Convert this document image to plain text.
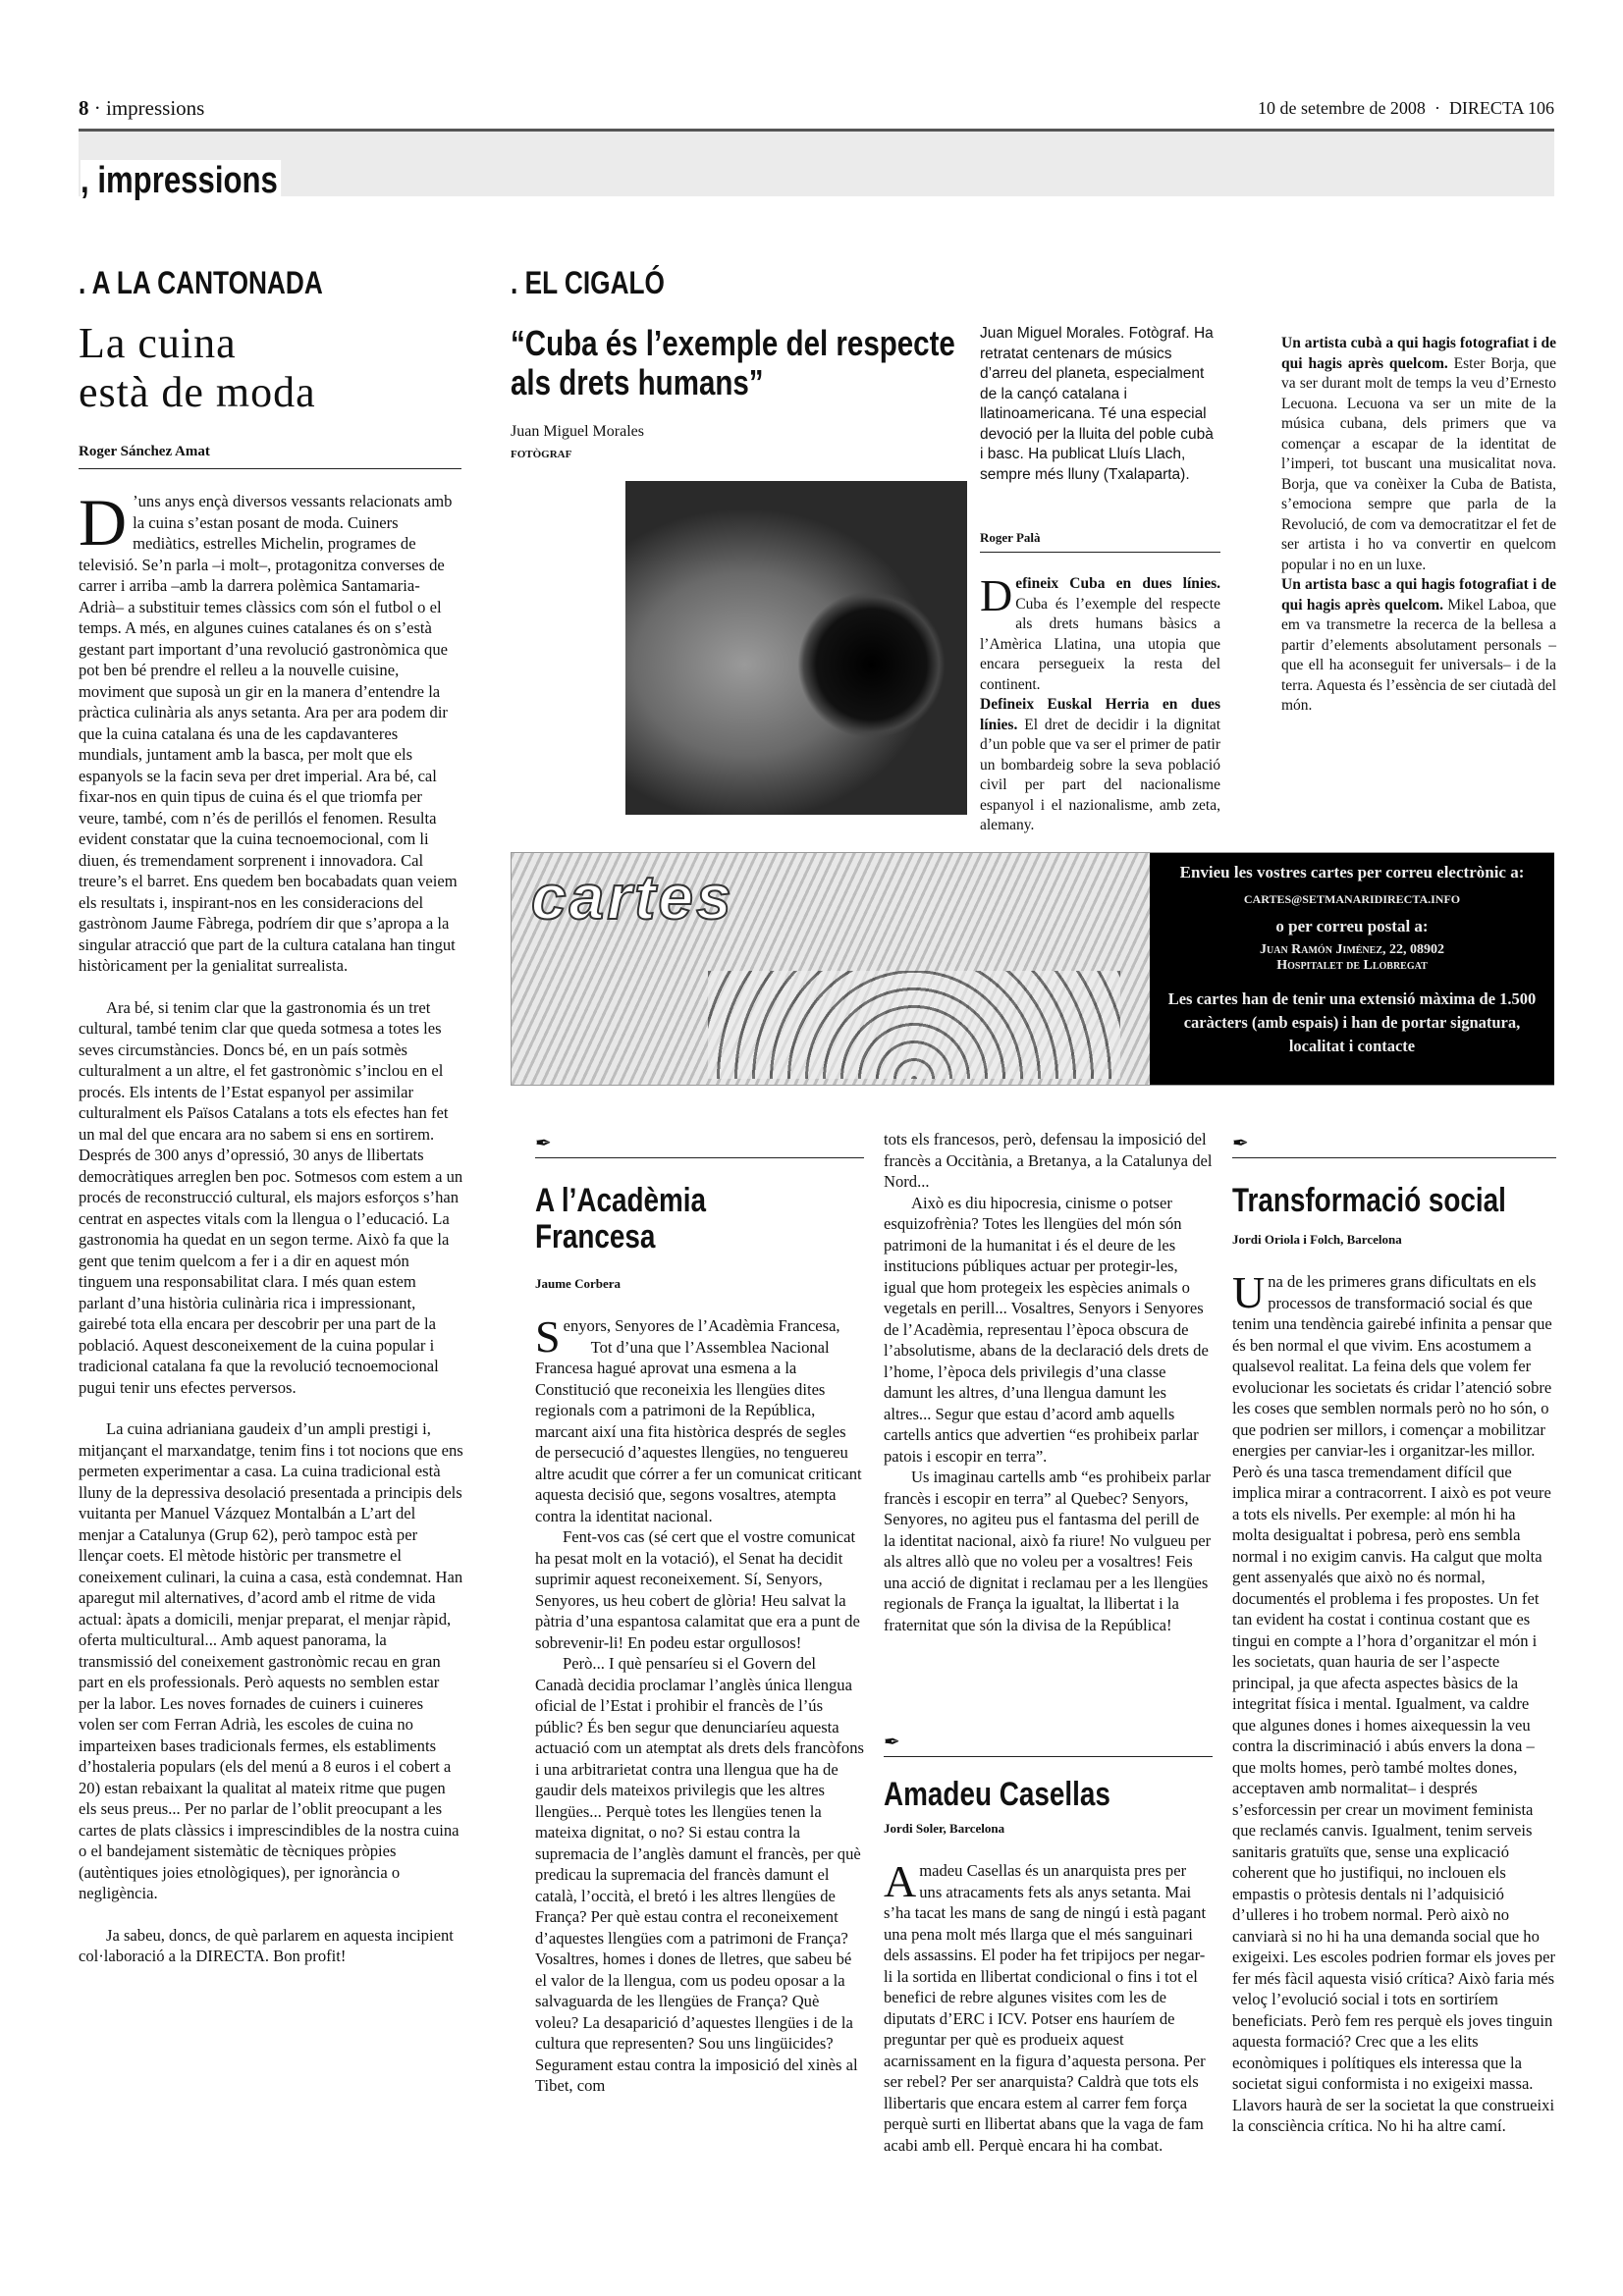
8 · impressions	10 de setembre de 2008  ·  DIRECTA 106
, impressions
. A LA CANTONADA
La cuina
està de moda
Roger Sánchez Amat

D ’uns anys ençà diversos vessants relacionats amb la cuina s’estan posant de moda. Cuiners mediàtics, estrelles Michelin, programes de televisió. Se’n parla –i molt–, protagonitza converses de carrer i arriba –amb la darrera polèmica Santamaria-Adrià– a substituir temes clàssics com són el futbol o el temps. A més, en algunes cuines catalanes és on s’està gestant part important d’una revolució gastronòmica que pot ben bé prendre el relleu a la nouvelle cuisine, moviment que suposà un gir en la manera d’entendre la pràctica culinària als anys setanta. Ara per ara podem dir que la cuina catalana és una de les capdavanteres mundials, juntament amb la basca, per molt que els espanyols se la facin seva per dret imperial. Ara bé, cal fixar-nos en quin tipus de cuina és el que triomfa per veure, també, com n’és de perillós el fenomen. Resulta evident constatar que la cuina tecnoemocional, com li diuen, és tremendament sorprenent i innovadora. Cal treure’s el barret. Ens quedem ben bocabadats quan veiem els resultats i, inspirant-nos en les consideracions del gastrònom Jaume Fàbrega, podríem dir que s’apropa a la singular atracció que part de la cultura catalana han tingut històricament per la genialitat surrealista.

Ara bé, si tenim clar que la gastronomia és un tret cultural, també tenim clar que queda sotmesa a totes les seves circumstàncies. Doncs bé, en un país sotmès culturalment a un altre, el fet gastronòmic s’inclou en el procés. Els intents de l’Estat espanyol per assimilar culturalment els Països Catalans a tots els efectes han fet un mal del que encara ara no sabem si ens en sortirem. Després de 300 anys d’opressió, 30 anys de llibertats democràtiques arreglen ben poc. Sotmesos com estem a un procés de reconstrucció cultural, els majors esforços s’han centrat en aspectes vitals com la llengua o l’educació. La gastronomia ha quedat en un segon terme. Això fa que la gent que tenim quelcom a fer i a dir en aquest món tinguem una responsabilitat clara. I més quan estem parlant d’una història culinària rica i impressionant, gairebé tota ella encara per descobrir per una part de la població. Aquest desconeixement de la cuina popular i tradicional catalana fa que la revolució tecnoemocional pugui tenir uns efectes perversos.

La cuina adrianiana gaudeix d’un ampli prestigi i, mitjançant el marxandatge, tenim fins i tot nocions que ens permeten experimentar a casa. La cuina tradicional està lluny de la depressiva desolació presentada a principis dels vuitanta per Manuel Vázquez Montalbán a L’art del menjar a Catalunya (Grup 62), però tampoc està per llençar coets. El mètode històric per transmetre el coneixement culinari, la cuina a casa, està condemnat. Han aparegut mil alternatives, d’acord amb el ritme de vida actual: àpats a domicili, menjar preparat, el menjar ràpid, oferta multicultural... Amb aquest panorama, la transmissió del coneixement gastronòmic recau en gran part en els professionals. Però aquests no semblen estar per la labor. Les noves fornades de cuiners i cuineres volen ser com Ferran Adrià, les escoles de cuina no imparteixen bases tradicionals fermes, els establiments d’hostaleria populars (els del menú a 8 euros i el cobert a 20) estan rebaixant la qualitat al mateix ritme que pugen els seus preus... Per no parlar de l’oblit preocupant a les cartes de plats clàssics i imprescindibles de la nostra cuina o el bandejament sistemàtic de tècniques pròpies (autèntiques joies etnològiques), per ignorància o negligència.

Ja sabeu, doncs, de què parlarem en aquesta incipient col·laboració a la DIRECTA. Bon profit!

. EL CIGALÓ
“Cuba és l’exemple del respecte als drets humans”
Juan Miguel Morales
FOTÒGRAF
Juan Miguel Morales. Fotògraf. Ha retratat centenars de músics d’arreu del planeta, especialment de la cançó catalana i llatinoamericana. Té una especial devoció per la lluita del poble cubà i basc. Ha publicat Lluís Llach, sempre més lluny (Txalaparta).
Roger Palà

Defineix Cuba en dues línies. Cuba és l’exemple del respecte als drets humans bàsics a l’Amèrica Llatina, una utopia que encara persegueix la resta del continent.

Defineix Euskal Herria en dues línies. El dret de decidir i la dignitat d’un poble que va ser el primer de patir un bombardeig sobre la seva població civil per part del nacionalisme espanyol i el nazionalisme, amb zeta, alemany.

Un artista cubà a qui hagis fotografiat i de qui hagis après quelcom. Ester Borja, que va ser durant molt de temps la veu d’Ernesto Lecuona. Lecuona va ser un mite de la música cubana, dels primers que va començar a escapar de la identitat de l’imperi, tot buscant una musicalitat nova. Borja, que va conèixer la Cuba de Batista, s’emociona sempre que parla de la Revolució, de com va democratitzar el fet de ser artista i ho va convertir en quelcom popular i no en un luxe.

Un artista basc a qui hagis fotografiat i de qui hagis après quelcom. Mikel Laboa, que em va transmetre la recerca de la bellesa a partir d’elements absolutament personals –que ell ha aconseguit fer universals– i de la terra. Aquesta és l’essència de ser ciutadà del món.

cartes	Envieu les vostres cartes per correu electrònic a:
CARTES@SETMANARIDIRECTA.INFO
o per correu postal a:
Juan Ramón Jiménez, 22, 08902
Hospitalet de Llobregat
Les cartes han de tenir una extensió màxima de 1.500 caràcters (amb espais) i han de portar signatura, localitat i contacte
✒
A l’Acadèmia Francesa
Jaume Corbera

Senyors, Senyores de l’Acadèmia Francesa,

Tot d’una que l’Assemblea Nacional Francesa hagué aprovat una esmena a la Constitució que reconeixia les llengües dites regionals com a patrimoni de la República, marcant així una fita històrica després de segles de persecució d’aquestes llengües, no tenguereu altre acudit que córrer a fer un comunicat criticant aquesta decisió que, segons vosaltres, atempta contra la identitat nacional.

Fent-vos cas (sé cert que el vostre comunicat ha pesat molt en la votació), el Senat ha decidit suprimir aquest reconeixement. Sí, Senyors, Senyores, us heu cobert de glòria! Heu salvat la pàtria d’una espantosa calamitat que era a punt de sobrevenir-li! En podeu estar orgullosos!

Però... I què pensaríeu si el Govern del Canadà decidia proclamar l’anglès única llengua oficial de l’Estat i prohibir el francès de l’ús públic? És ben segur que denunciaríeu aquesta actuació com un atemptat als drets dels francòfons i una arbitrarietat contra una llengua que ha de gaudir dels mateixos privilegis que les altres llengües... Perquè totes les llengües tenen la mateixa dignitat, o no? Si estau contra la supremacia de l’anglès damunt el francès, per què predicau la supremacia del francès damunt el català, l’occità, el bretó i les altres llengües de França? Per què estau contra el reconeixement d’aquestes llengües com a patrimoni de França? Vosaltres, homes i dones de lletres, que sabeu bé el valor de la llengua, com us podeu oposar a la salvaguarda de les llengües de França? Què voleu? La desaparició d’aquestes llengües i de la cultura que representen? Sou uns lingüicides? Segurament estau contra la imposició del xinès al Tibet, com

tots els francesos, però, defensau la imposició del francès a Occitània, a Bretanya, a la Catalunya del Nord...

Això es diu hipocresia, cinisme o potser esquizofrènia? Totes les llengües del món són patrimoni de la humanitat i és el deure de les institucions públiques actuar per protegir-les, igual que hom protegeix les espècies animals o vegetals en perill... Vosaltres, Senyors i Senyores de l’Acadèmia, representau l’època obscura de l’absolutisme, abans de la declaració dels drets de l’home, l’època dels privilegis d’una classe damunt les altres, d’una llengua damunt les altres... Segur que estau d’acord amb aquells cartells antics que advertien “es prohibeix parlar patois i escopir en terra”.

Us imaginau cartells amb “es prohibeix parlar francès i escopir en terra” al Quebec? Senyors, Senyores, no agiteu pus el fantasma del perill de la identitat nacional, això fa riure! No vulgueu per als altres allò que no voleu per a vosaltres! Feis una acció de dignitat i reclamau per a les llengües regionals de França la igualtat, la llibertat i la fraternitat que són la divisa de la República!

✒
Amadeu Casellas
Jordi Soler, Barcelona

Amadeu Casellas és un anarquista pres per uns atracaments fets als anys setanta. Mai s’ha tacat les mans de sang de ningú i està pagant una pena molt més llarga que el més sanguinari dels assassins. El poder ha fet tripijocs per negar-li la sortida en llibertat condicional o fins i tot el benefici de rebre algunes visites com les de diputats d’ERC i ICV. Potser ens hauríem de preguntar per què es produeix aquest acarnissament en la figura d’aquesta persona. Per ser rebel? Per ser anarquista? Caldrà que tots els llibertaris que encara estem al carrer fem força perquè surti en llibertat abans que la vaga de fam acabi amb ell. Perquè encara hi ha combat.

✒
Transformació social
Jordi Oriola i Folch, Barcelona

Una de les primeres grans dificultats en els processos de transformació social és que tenim una tendència gairebé infinita a pensar que és ben normal el que vivim. Ens acostumem a qualsevol realitat. La feina dels que volem fer evolucionar les societats és cridar l’atenció sobre les coses que semblen normals però no ho són, o que podrien ser millors, i començar a mobilitzar energies per canviar-les i organitzar-les millor. Però és una tasca tremendament difícil que implica mirar a contracorrent. I això es pot veure a tots els nivells. Per exemple: al món hi ha molta desigualtat i pobresa, però ens sembla normal i no exigim canvis. Ha calgut que molta gent assenyalés que això no és normal, documentés el problema i fes propostes. Un fet tan evident ha costat i continua costant que es tingui en compte a l’hora d’organitzar el món i les societats, quan hauria de ser l’aspecte principal, ja que afecta aspectes bàsics de la integritat física i mental. Igualment, va caldre que algunes dones i homes aixequessin la veu contra la discriminació i abús envers la dona –que molts homes, però també moltes dones, acceptaven amb normalitat– i després s’esforcessin per crear un moviment feminista que reclamés canvis. Igualment, tenim serveis sanitaris gratuïts que, sense una explicació coherent que ho justifiqui, no inclouen els empastis o pròtesis dentals ni l’adquisició d’ulleres i ho trobem normal. Però això no canviarà si no hi ha una demanda social que ho exigeixi. Les escoles podrien formar els joves per fer més fàcil aquesta visió crítica? Això faria més veloç l’evolució social i tots en sortiríem beneficiats. Però fem res perquè els joves tinguin aquesta formació? Crec que a les elits econòmiques i polítiques els interessa que la societat sigui conformista i no exigeixi massa. Llavors haurà de ser la societat la que construeixi la consciència crítica. No hi ha altre camí.
